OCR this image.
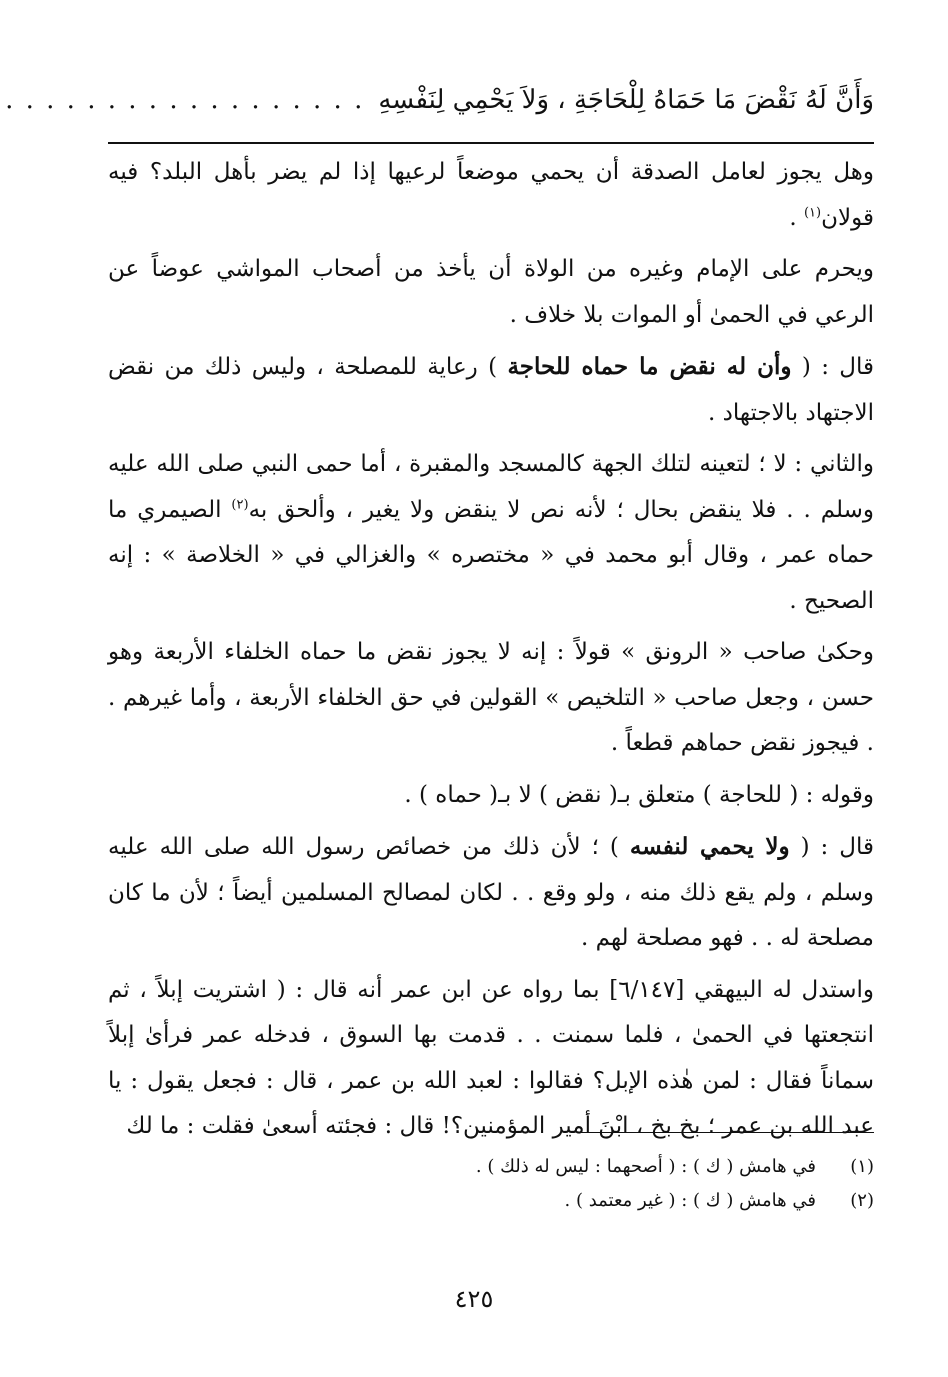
وَأَنَّ لَهُ نَقْضَ مَا حَمَاهُ لِلْحَاجَةِ ، وَلاَ يَحْمِي لِنَفْسِهِ
. . . . . . . . . . . . . . . . . .

وهل يجوز لعامل الصدقة أن يحمي موضعاً لرعيها إذا لم يضر بأهل البلد؟ فيه قولان$^{(١)}$ .

ويحرم على الإمام وغيره من الولاة أن يأخذ من أصحاب المواشي عوضاً عن الرعي في الحمىٰ أو الموات بلا خلاف .

قال : ( وأن له نقض ما حماه للحاجة ) رعاية للمصلحة ، وليس ذلك من نقض الاجتهاد بالاجتهاد .

والثاني : لا ؛ لتعينه لتلك الجهة كالمسجد والمقبرة ، أما حمى النبي صلى الله عليه وسلم . . فلا ينقض بحال ؛ لأنه نص لا ينقض ولا يغير ، وألحق به$^{(٢)}$ الصيمري ما حماه عمر ، وقال أبو محمد في « مختصره » والغزالي في « الخلاصة » : إنه الصحيح .

وحكىٰ صاحب « الرونق » قولاً : إنه لا يجوز نقض ما حماه الخلفاء الأربعة وهو حسن ، وجعل صاحب « التلخيص » القولين في حق الخلفاء الأربعة ، وأما غيرهم . . فيجوز نقض حماهم قطعاً .

وقوله : ( للحاجة ) متعلق بـ( نقض ) لا بـ( حماه ) .

قال : ( ولا يحمي لنفسه ) ؛ لأن ذلك من خصائص رسول الله صلى الله عليه وسلم ، ولم يقع ذلك منه ، ولو وقع . . لكان لمصالح المسلمين أيضاً ؛ لأن ما كان مصلحة له . . فهو مصلحة لهم .

واستدل له البيهقي [٦/١٤٧] بما رواه عن ابن عمر أنه قال : ( اشتريت إبلاً ، ثم انتجعتها في الحمىٰ ، فلما سمنت . . قدمت بها السوق ، فدخله عمر فرأىٰ إبلاً سماناً فقال : لمن هٰذه الإبل؟ فقالوا : لعبد الله بن عمر ، قال : فجعل يقول : يا عبد الله بن عمر ؛ بخ بخ ، ابْنَ أمير المؤمنين؟! قال : فجئته أسعىٰ فقلت : ما لك

(١)
في هامش ( ك ) : ( أصحهما : ليس له ذلك ) .
(٢)
في هامش ( ك ) : ( غير معتمد ) .
٤٢٥
